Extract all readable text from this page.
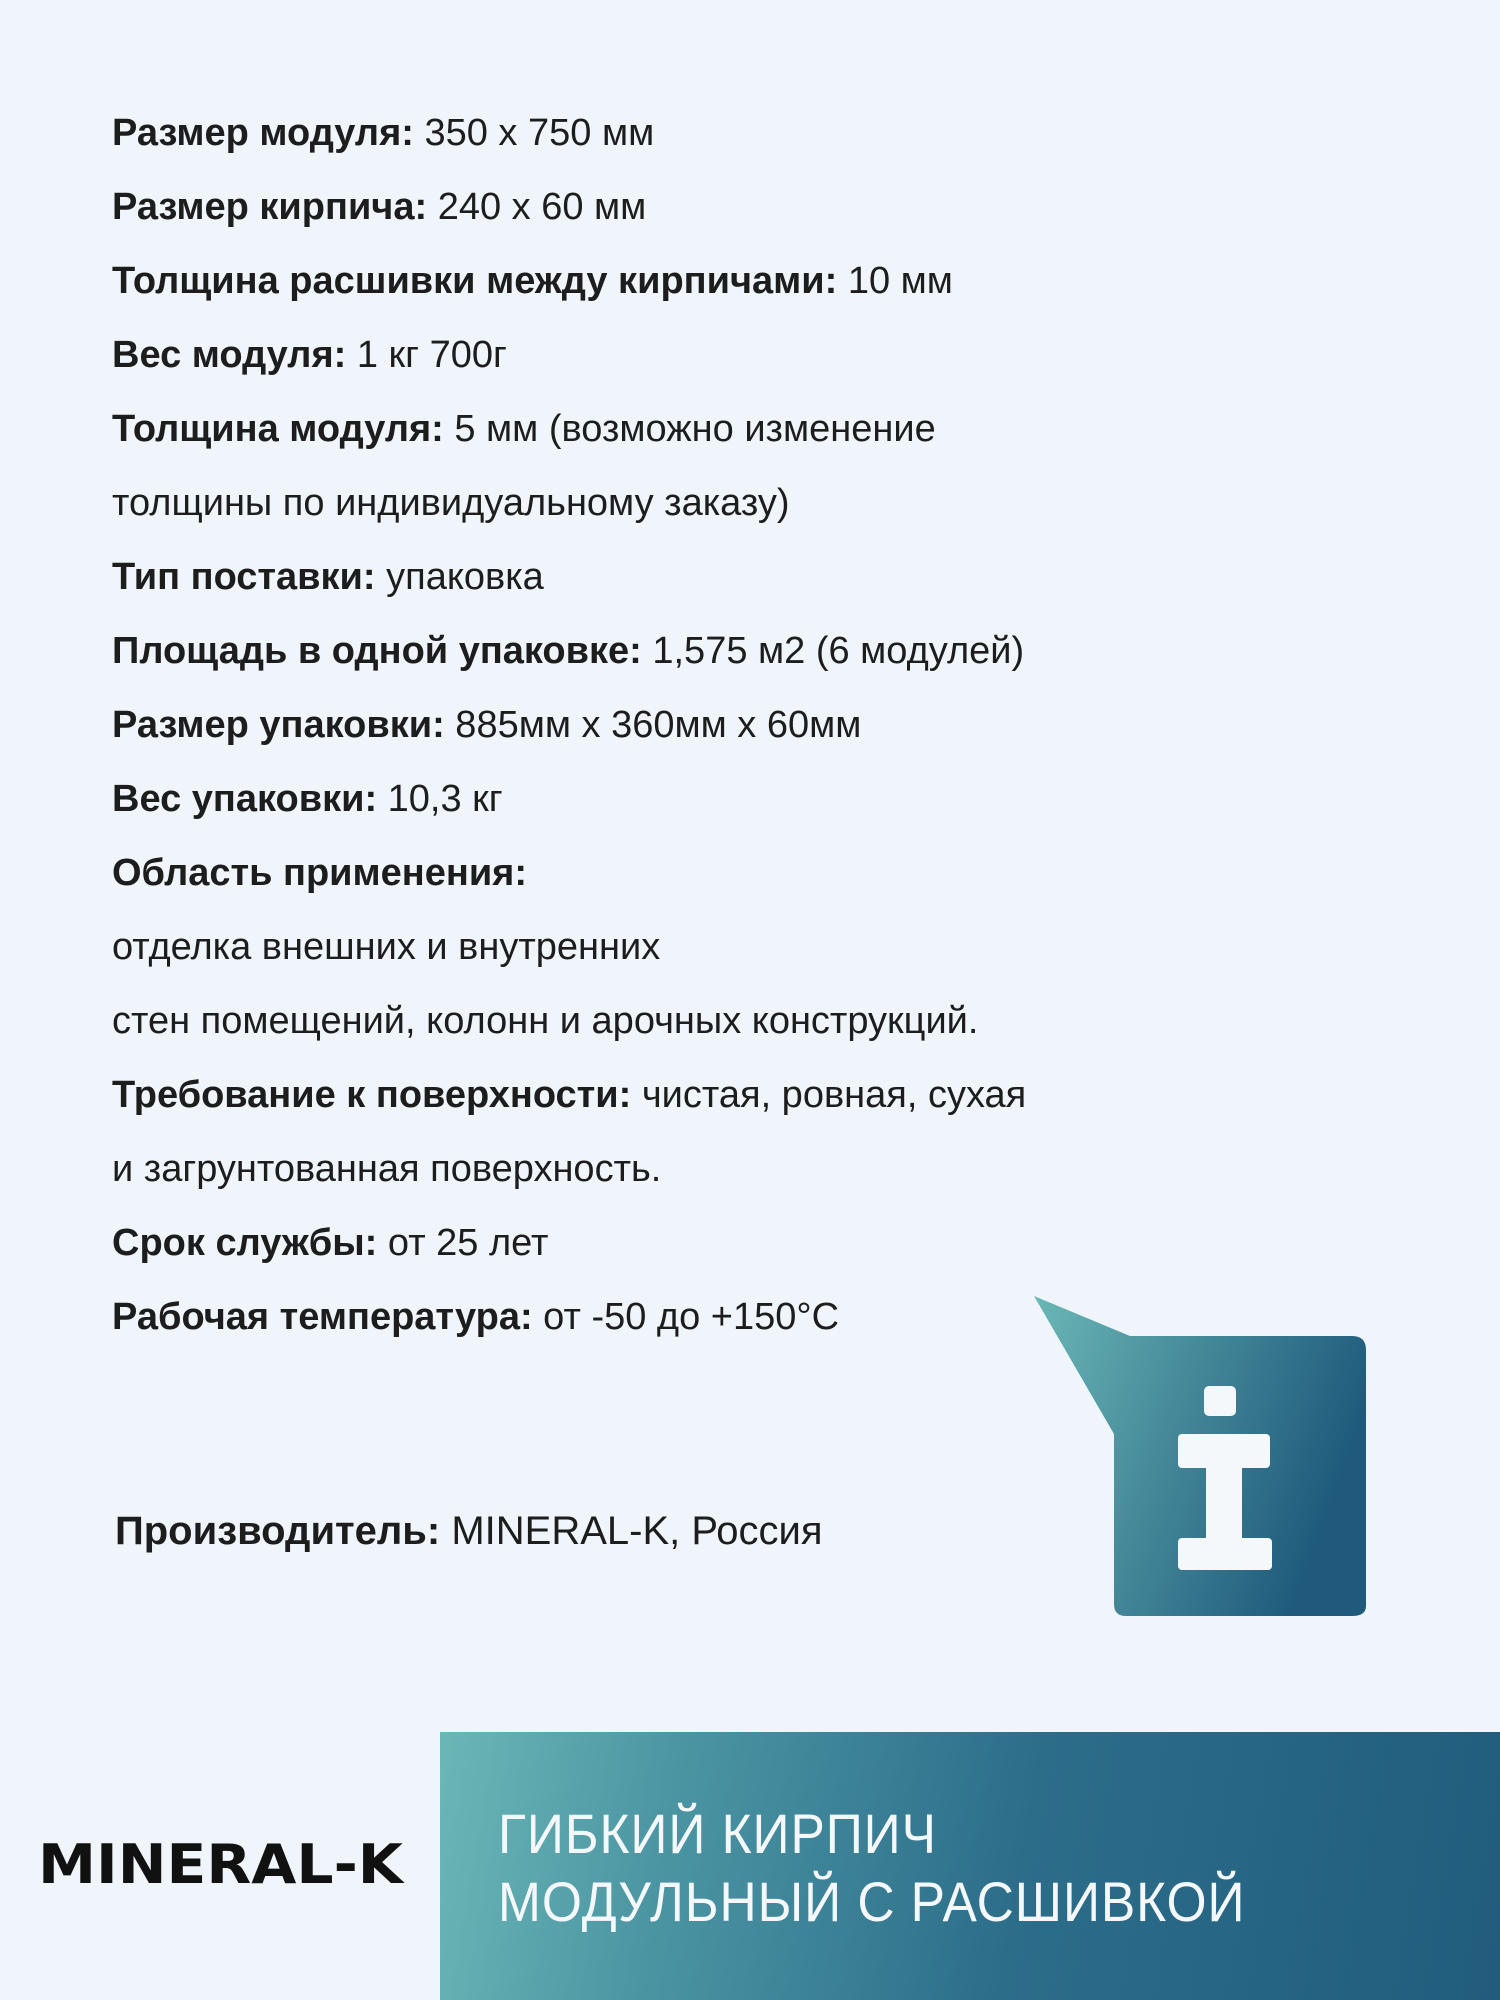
Размер модуля: 350 х 750 мм
Размер кирпича: 240 х 60 мм
Толщина расшивки между кирпичами: 10 мм
Вес модуля: 1 кг 700г
Толщина модуля: 5 мм (возможно изменение
толщины по индивидуальному заказу)
Тип поставки: упаковка
Площадь в одной упаковке: 1,575 м2 (6 модулей)
Размер упаковки: 885мм х 360мм х 60мм
Вес упаковки: 10,3 кг
Область применения:
отделка внешних и внутренних
стен помещений, колонн и арочных конструкций.
Требование к поверхности: чистая, ровная, сухая
и загрунтованная поверхность.
Срок службы: от 25 лет
Рабочая температура: от -50 до +150°С
Производитель: MINERAL-K, Россия
MINERAL-K ГИБКИЙ КИРПИЧ
МОДУЛЬНЫЙ С РАСШИВКОЙ
